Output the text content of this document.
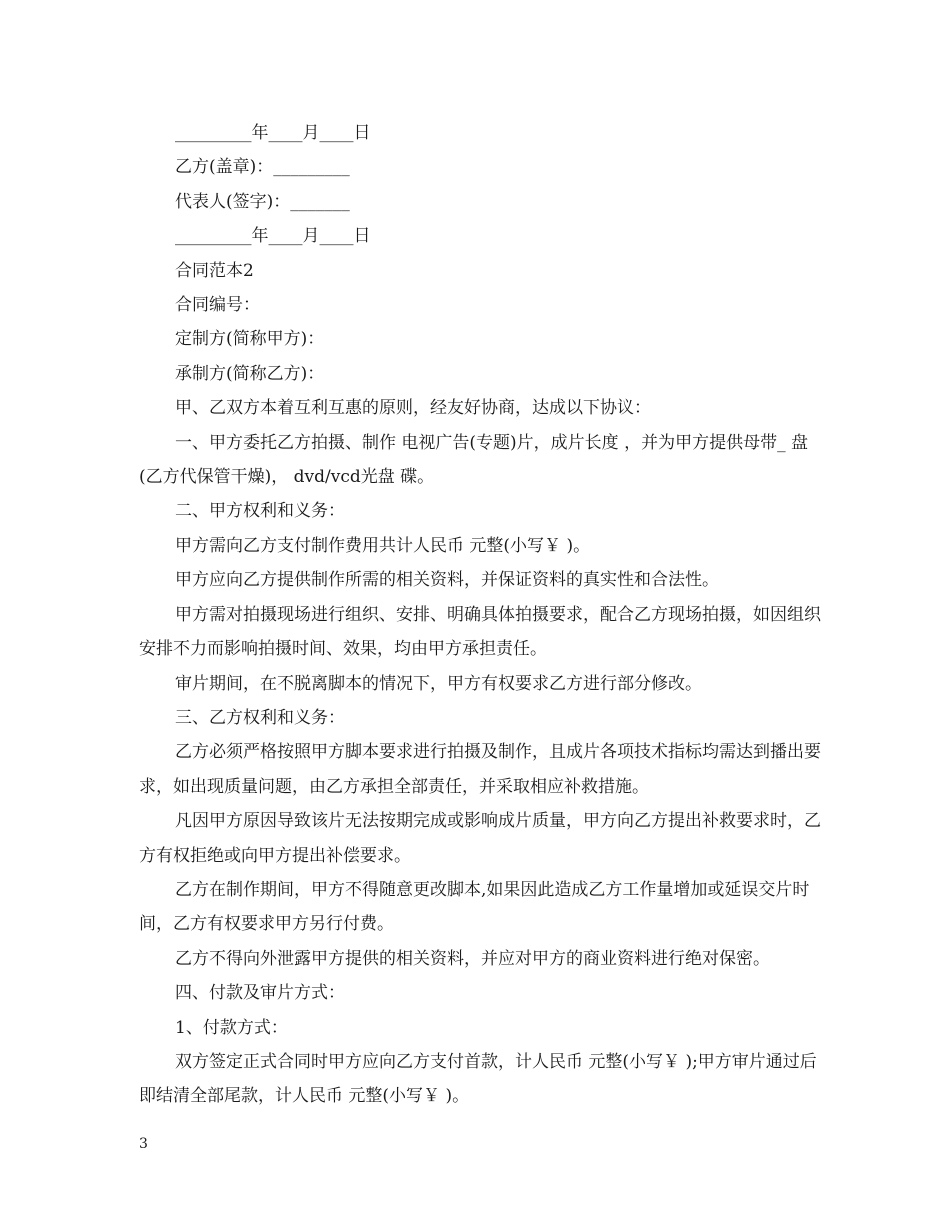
_________年____月____日

乙方(盖章)：_________

代表人(签字)：_______

_________年____月____日

合同范本2

合同编号：

定制方(简称甲方)：

承制方(简称乙方)：

甲、乙双方本着互利互惠的原则，经友好协商，达成以下协议：

一、甲方委托乙方拍摄、制作 电视广告(专题)片，成片长度 ，并为甲方提供母带_ 盘(乙方代保管干燥)， dvd/vcd光盘 碟。

二、甲方权利和义务：

甲方需向乙方支付制作费用共计人民币 元整(小写￥ )。

甲方应向乙方提供制作所需的相关资料，并保证资料的真实性和合法性。

甲方需对拍摄现场进行组织、安排、明确具体拍摄要求，配合乙方现场拍摄，如因组织安排不力而影响拍摄时间、效果，均由甲方承担责任。

审片期间，在不脱离脚本的情况下，甲方有权要求乙方进行部分修改。

三、乙方权利和义务：

乙方必须严格按照甲方脚本要求进行拍摄及制作，且成片各项技术指标均需达到播出要求，如出现质量问题，由乙方承担全部责任，并采取相应补救措施。

凡因甲方原因导致该片无法按期完成或影响成片质量，甲方向乙方提出补救要求时，乙方有权拒绝或向甲方提出补偿要求。

乙方在制作期间，甲方不得随意更改脚本,如果因此造成乙方工作量增加或延误交片时间，乙方有权要求甲方另行付费。

乙方不得向外泄露甲方提供的相关资料，并应对甲方的商业资料进行绝对保密。

四、付款及审片方式：

1、付款方式：

双方签定正式合同时甲方应向乙方支付首款，计人民币 元整(小写￥ );甲方审片通过后即结清全部尾款，计人民币 元整(小写￥ )。

3
